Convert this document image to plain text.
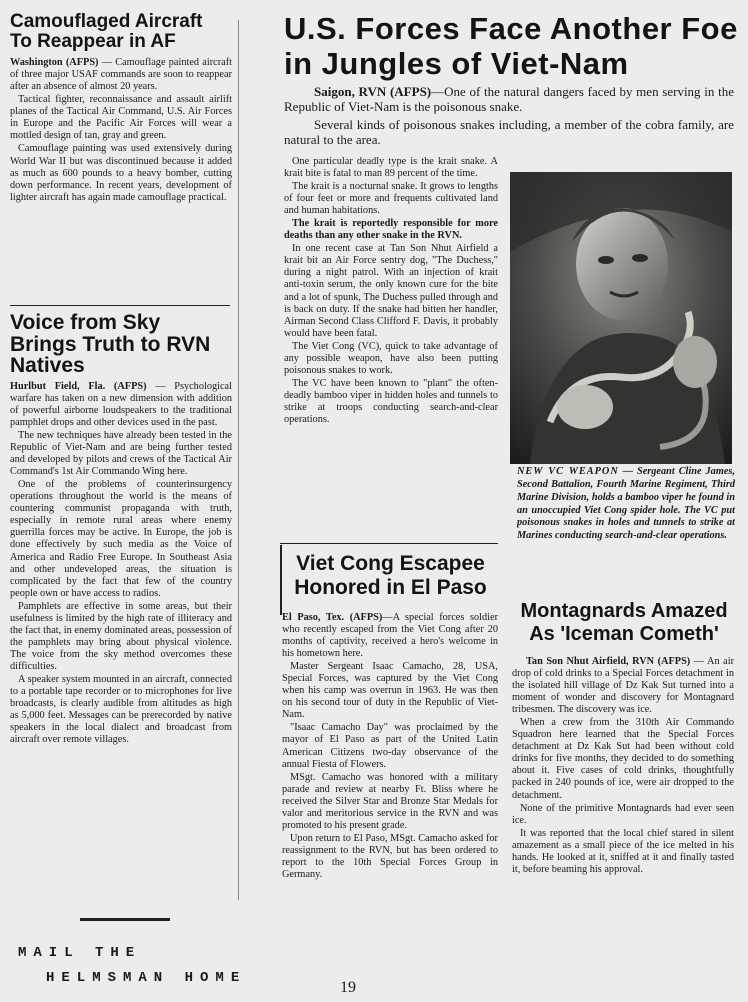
Camouflaged Aircraft To Reappear in AF

Washington (AFPS) — Camouflage painted aircraft of three major USAF commands are soon to reappear after an absence of almost 20 years.

Tactical fighter, reconnaissance and assault airlift planes of the Tactical Air Command, U.S. Air Forces in Europe and the Pacific Air Forces will wear a mottled design of tan, gray and green.

Camouflage painting was used extensively during World War II but was discontinued because it added as much as 600 pounds to a heavy bomber, cutting down performance. In recent years, development of lighter aircraft has again made camouflage practical.

Voice from Sky Brings Truth to RVN Natives

Hurlbut Field, Fla. (AFPS) — Psychological warfare has taken on a new dimension with addition of powerful airborne loudspeakers to the traditional pamphlet drops and other devices used in the past.

The new techniques have already been tested in the Republic of Viet-Nam and are being further tested and developed by pilots and crews of the Tactical Air Command's 1st Air Commando Wing here.

One of the problems of counterinsurgency operations throughout the world is the means of countering communist propaganda with truth, especially in remote rural areas where enemy guerrilla forces may be active. In Europe, the job is done effectively by such media as the Voice of America and Radio Free Europe. In Southeast Asia and other undeveloped areas, the situation is complicated by the fact that few of the country people own or have access to radios.

Pamphlets are effective in some areas, but their usefulness is limited by the high rate of illiteracy and the fact that, in enemy dominated areas, possession of the pamphlets may bring about physical violence. The voice from the sky method overcomes these difficulties.

A speaker system mounted in an aircraft, connected to a portable tape recorder or to microphones for live broadcasts, is clearly audible from altitudes as high as 5,000 feet. Messages can be prerecorded by native speakers in the local dialect and broadcast from aircraft over remote villages.

MAIL THE
HELMSMAN HOME
U.S. Forces Face Another Foe in Jungles of Viet-Nam

Saigon, RVN (AFPS)—One of the natural dangers faced by men serving in the Republic of Viet-Nam is the poisonous snake.

Several kinds of poisonous snakes including, a member of the cobra family, are natural to the area.

One particular deadly type is the krait snake. A krait bite is fatal to man 89 percent of the time.

The krait is a nocturnal snake. It grows to lengths of four feet or more and frequents cultivated land and human habitations.

The krait is reportedly responsible for more deaths than any other snake in the RVN.

In one recent case at Tan Son Nhut Airfield a krait bit an Air Force sentry dog, "The Duchess," during a night patrol. With an injection of krait anti-toxin serum, the only known cure for the bite and a lot of spunk, The Duchess pulled through and is back on duty. If the snake had bitten her handler, Airman Second Class Clifford F. Davis, it probably would have been fatal.

The Viet Cong (VC), quick to take advantage of any possible weapon, have also been putting poisonous snakes to work.

The VC have been known to "plant" the often-deadly bamboo viper in hidden holes and tunnels to strike at troops conducting search-and-clear operations.

Viet Cong Escapee Honored in El Paso

El Paso, Tex. (AFPS)—A special forces soldier who recently escaped from the Viet Cong after 20 months of captivity, received a hero's welcome in his hometown here.

Master Sergeant Isaac Camacho, 28, USA, Special Forces, was captured by the Viet Cong when his camp was overrun in 1963. He was then on his second tour of duty in the Republic of Viet-Nam.

"Isaac Camacho Day" was proclaimed by the mayor of El Paso as part of the United Latin American Citizens two-day observance of the annual Fiesta of Flowers.

MSgt. Camacho was honored with a military parade and review at nearby Ft. Bliss where he received the Silver Star and Bronze Star Medals for valor and meritorious service in the RVN and was promoted to his present grade.

Upon return to El Paso, MSgt. Camacho asked for reassignment to the RVN, but has been ordered to report to the 10th Special Forces Group in Germany.

NEW VC WEAPON — Sergeant Cline James, Second Battalion, Fourth Marine Regiment, Third Marine Division, holds a bamboo viper he found in an unoccupied Viet Cong spider hole. The VC put poisonous snakes in holes and tunnels to strike at Marines conducting search-and-clear operations.
Montagnards Amazed As 'Iceman Cometh'

Tan Son Nhut Airfield, RVN (AFPS) — An air drop of cold drinks to a Special Forces detachment in the isolated hill village of Dz Kak Sut turned into a moment of wonder and discovery for Montagnard tribesmen. The discovery was ice.

When a crew from the 310th Air Commando Squadron here learned that the Special Forces detachment at Dz Kak Sut had been without cold drinks for five months, they decided to do something about it. Five cases of cold drinks, thoughtfully packed in 240 pounds of ice, were air dropped to the detachment.

None of the primitive Montagnards had ever seen ice.

It was reported that the local chief stared in silent amazement as a small piece of the ice melted in his hands. He looked at it, sniffed at it and finally tasted it, before beaming his approval.

19
